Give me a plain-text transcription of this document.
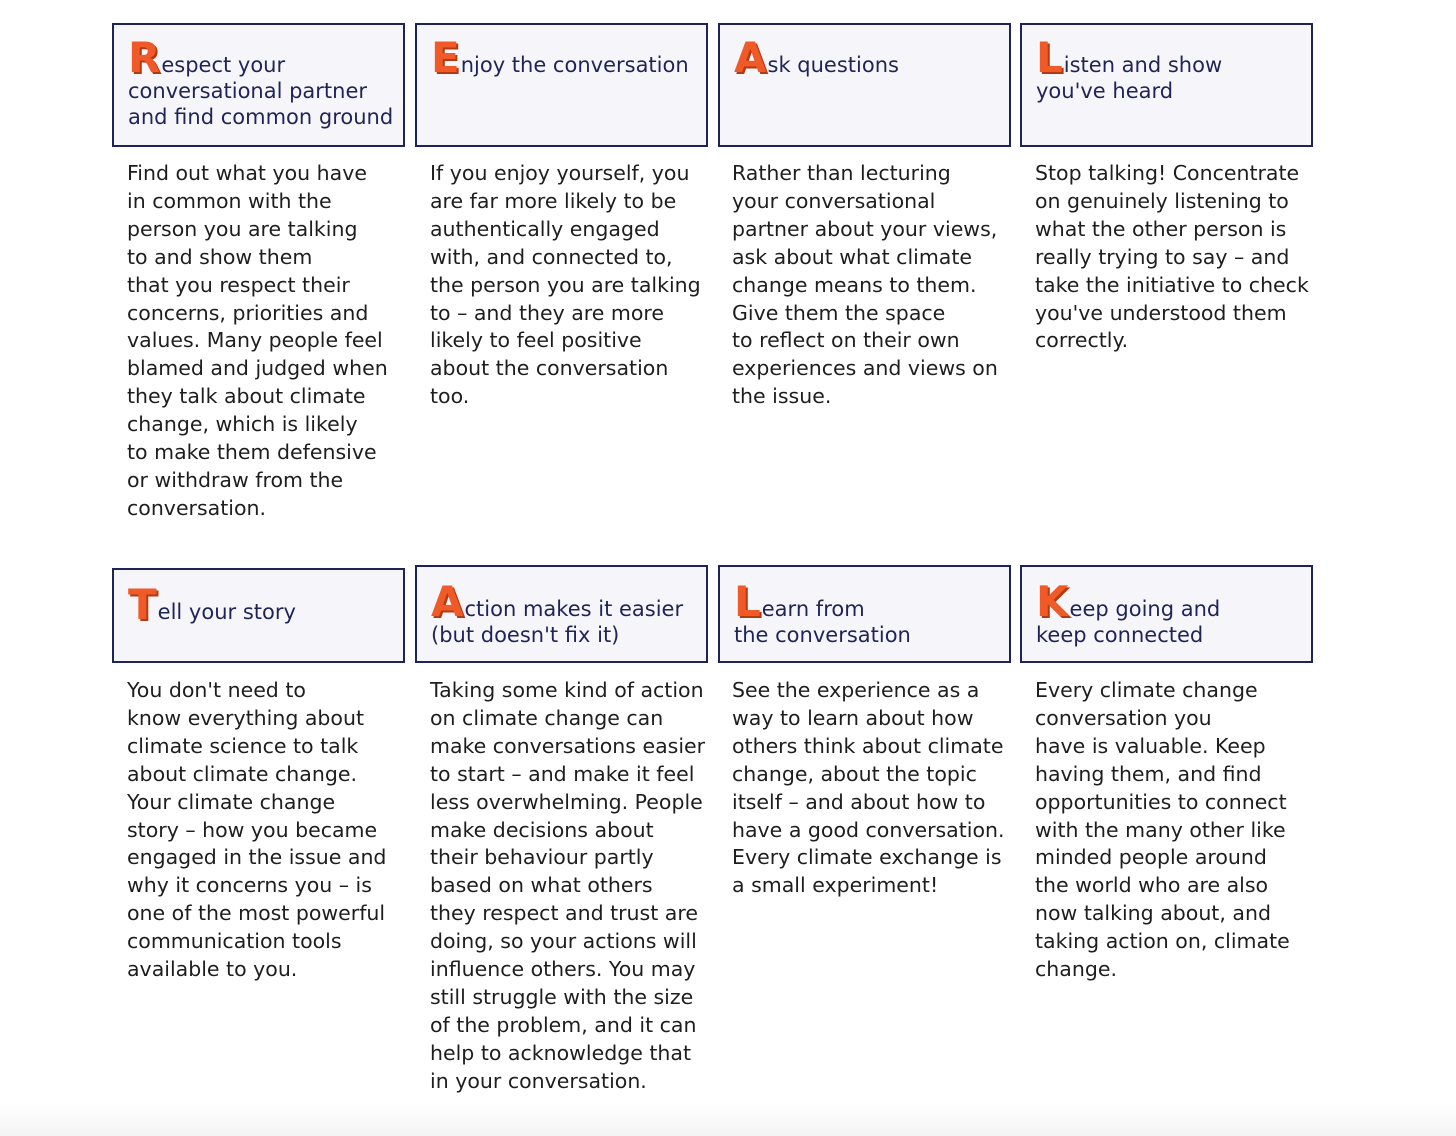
Respect your
conversational partner
and find common ground
Find out what you have
in common with the
person you are talking
to and show them
that you respect their
concerns, priorities and
values. Many people feel
blamed and judged when
they talk about climate
change, which is likely
to make them defensive
or withdraw from the
conversation.
Enjoy the conversation
If you enjoy yourself, you
are far more likely to be
authentically engaged
with, and connected to,
the person you are talking
to – and they are more
likely to feel positive
about the conversation
too.
Ask questions
Rather than lecturing
your conversational
partner about your views,
ask about what climate
change means to them.
Give them the space
to reflect on their own
experiences and views on
the issue.
Listen and show
you've heard
Stop talking! Concentrate
on genuinely listening to
what the other person is
really trying to say – and
take the initiative to check
you've understood them
correctly.
Tell your story
You don't need to
know everything about
climate science to talk
about climate change.
Your climate change
story – how you became
engaged in the issue and
why it concerns you – is
one of the most powerful
communication tools
available to you.
Action makes it easier
(but doesn't fix it)
Taking some kind of action
on climate change can
make conversations easier
to start – and make it feel
less overwhelming. People
make decisions about
their behaviour partly
based on what others
they respect and trust are
doing, so your actions will
influence others. You may
still struggle with the size
of the problem, and it can
help to acknowledge that
in your conversation.
Learn from
the conversation
See the experience as a
way to learn about how
others think about climate
change, about the topic
itself – and about how to
have a good conversation.
Every climate exchange is
a small experiment!
Keep going and
keep connected
Every climate change
conversation you
have is valuable. Keep
having them, and find
opportunities to connect
with the many other like
minded people around
the world who are also
now talking about, and
taking action on, climate
change.
